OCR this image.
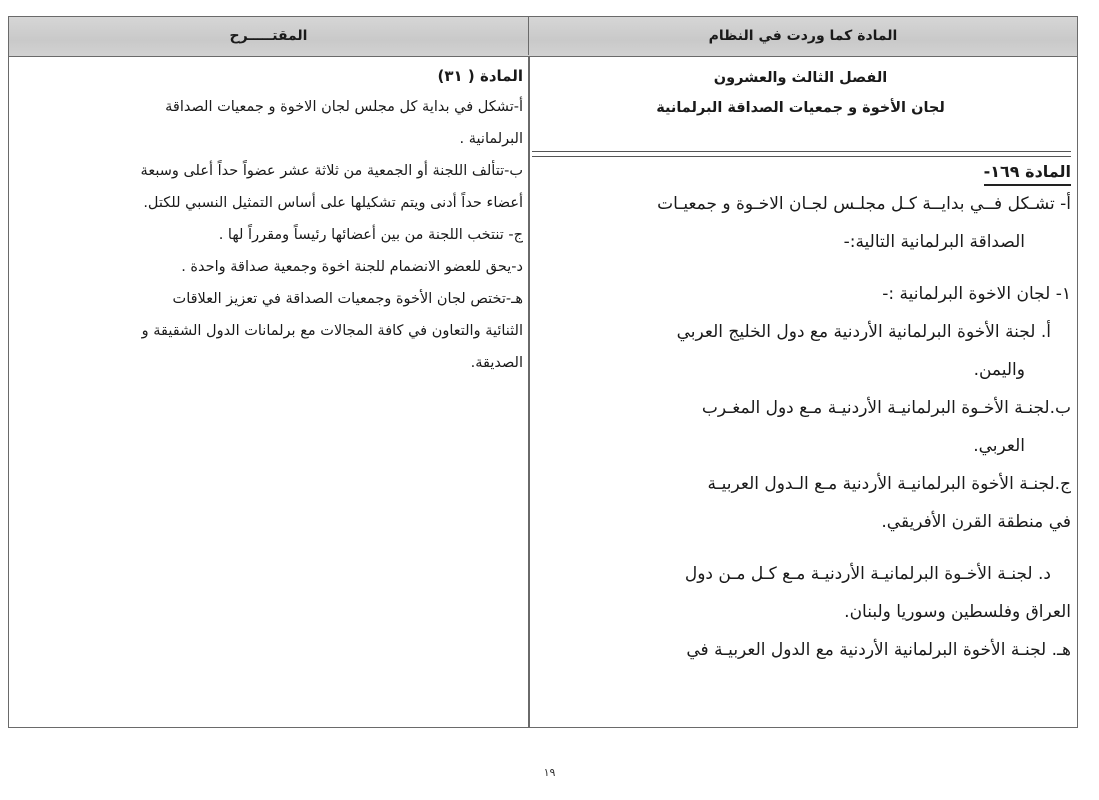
المقتـــــرح	المادة كما وردت في النظام
الفصل الثالث والعشرون
لجان الأخوة و جمعيات الصداقة البرلمانية
المادة ١٦٩-
أ- تشـكل فــي بدايــة كـل مجلـس لجـان الاخـوة و جمعيـات
الصداقة البرلمانية التالية:-
١- لجان الاخوة البرلمانية :-
أ. لجنة الأخوة البرلمانية الأردنية مع دول الخليج العربي
واليمن.
ب.لجنـة الأخـوة البرلمانيـة الأردنيـة مـع دول المغـرب
العربي.
ج.لجنـة الأخوة البرلمانيـة الأردنية مـع الـدول العربيـة
في منطقة القرن الأفريقي.
د. لجنـة الأخـوة البرلمانيـة الأردنيـة مـع كـل مـن دول
العراق وفلسطين وسوريا ولبنان.
هـ. لجنـة الأخوة البرلمانية الأردنية مع الدول العربيـة في
المادة ( ٣١)
أ-تشكل في بداية كل مجلس لجان الاخوة و جمعيات الصداقة
البرلمانية .
ب-تتألف اللجنة أو الجمعية من ثلاثة عشر عضواً حداً أعلى وسبعة
أعضاء حداً أدنى ويتم تشكيلها على أساس التمثيل النسبي للكتل.
ج- تنتخب اللجنة من بين أعضائها رئيساً ومقرراً لها .
د-يحق للعضو الانضمام للجنة اخوة وجمعية صداقة واحدة .
هـ-تختص لجان الأخوة وجمعيات الصداقة في تعزيز العلاقات
الثنائية والتعاون في كافة المجالات مع برلمانات الدول الشقيقة و
الصديقة.
١٩
